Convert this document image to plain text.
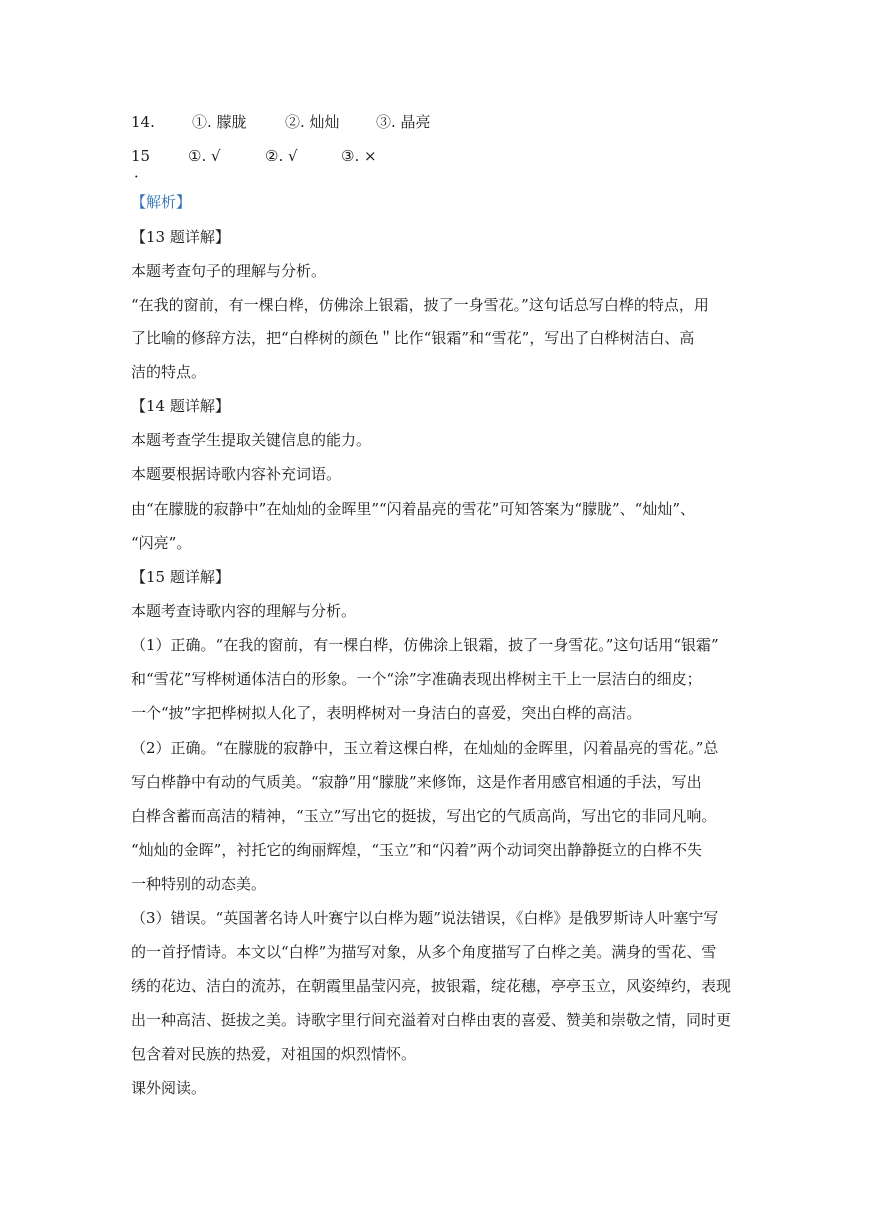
14. ①. 朦胧	②. 灿灿 ③. 晶亮
15
．
①. √	②. √	③. ×
【解析】
【13 题详解】
本题考查句子的理解与分析。
“在我的窗前，有一棵白桦，仿佛涂上银霜，披了一身雪花。”这句话总写白桦的特点，用
了比喻的修辞方法，把“白桦树的颜色＂比作“银霜”和“雪花”，写出了白桦树洁白、高
洁的特点。
【14 题详解】
本题考查学生提取关键信息的能力。
本题要根据诗歌内容补充词语。
由“在朦胧的寂静中”在灿灿的金晖里”“闪着晶亮的雪花”可知答案为“朦胧”、“灿灿”、
“闪亮”。
【15 题详解】
本题考查诗歌内容的理解与分析。
（1）正确。“在我的窗前，有一棵白桦，仿佛涂上银霜，披了一身雪花。”这句话用“银霜”
和“雪花”写桦树通体洁白的形象。一个“涂”字准确表现出桦树主干上一层洁白的细皮；
一个“披”字把桦树拟人化了，表明桦树对一身洁白的喜爱，突出白桦的高洁。
（2）正确。“在朦胧的寂静中，玉立着这棵白桦，在灿灿的金晖里，闪着晶亮的雪花。”总
写白桦静中有动的气质美。“寂静”用“朦胧”来修饰，这是作者用感官相通的手法，写出
白桦含蓄而高洁的精神，“玉立”写出它的挺拔，写出它的气质高尚，写出它的非同凡响。
“灿灿的金晖”，衬托它的绚丽辉煌，“玉立”和“闪着”两个动词突出静静挺立的白桦不失
一种特别的动态美。
（3）错误。“英国著名诗人叶赛宁以白桦为题”说法错误，《白桦》是俄罗斯诗人叶塞宁写
的一首抒情诗。本文以“白桦”为描写对象，从多个角度描写了白桦之美。满身的雪花、雪
绣的花边、洁白的流苏，在朝霞里晶莹闪亮，披银霜，绽花穗，亭亭玉立，风姿绰约，表现
出一种高洁、挺拔之美。诗歌字里行间充溢着对白桦由衷的喜爱、赞美和崇敬之情，同时更
包含着对民族的热爱，对祖国的炽烈情怀。
课外阅读。
